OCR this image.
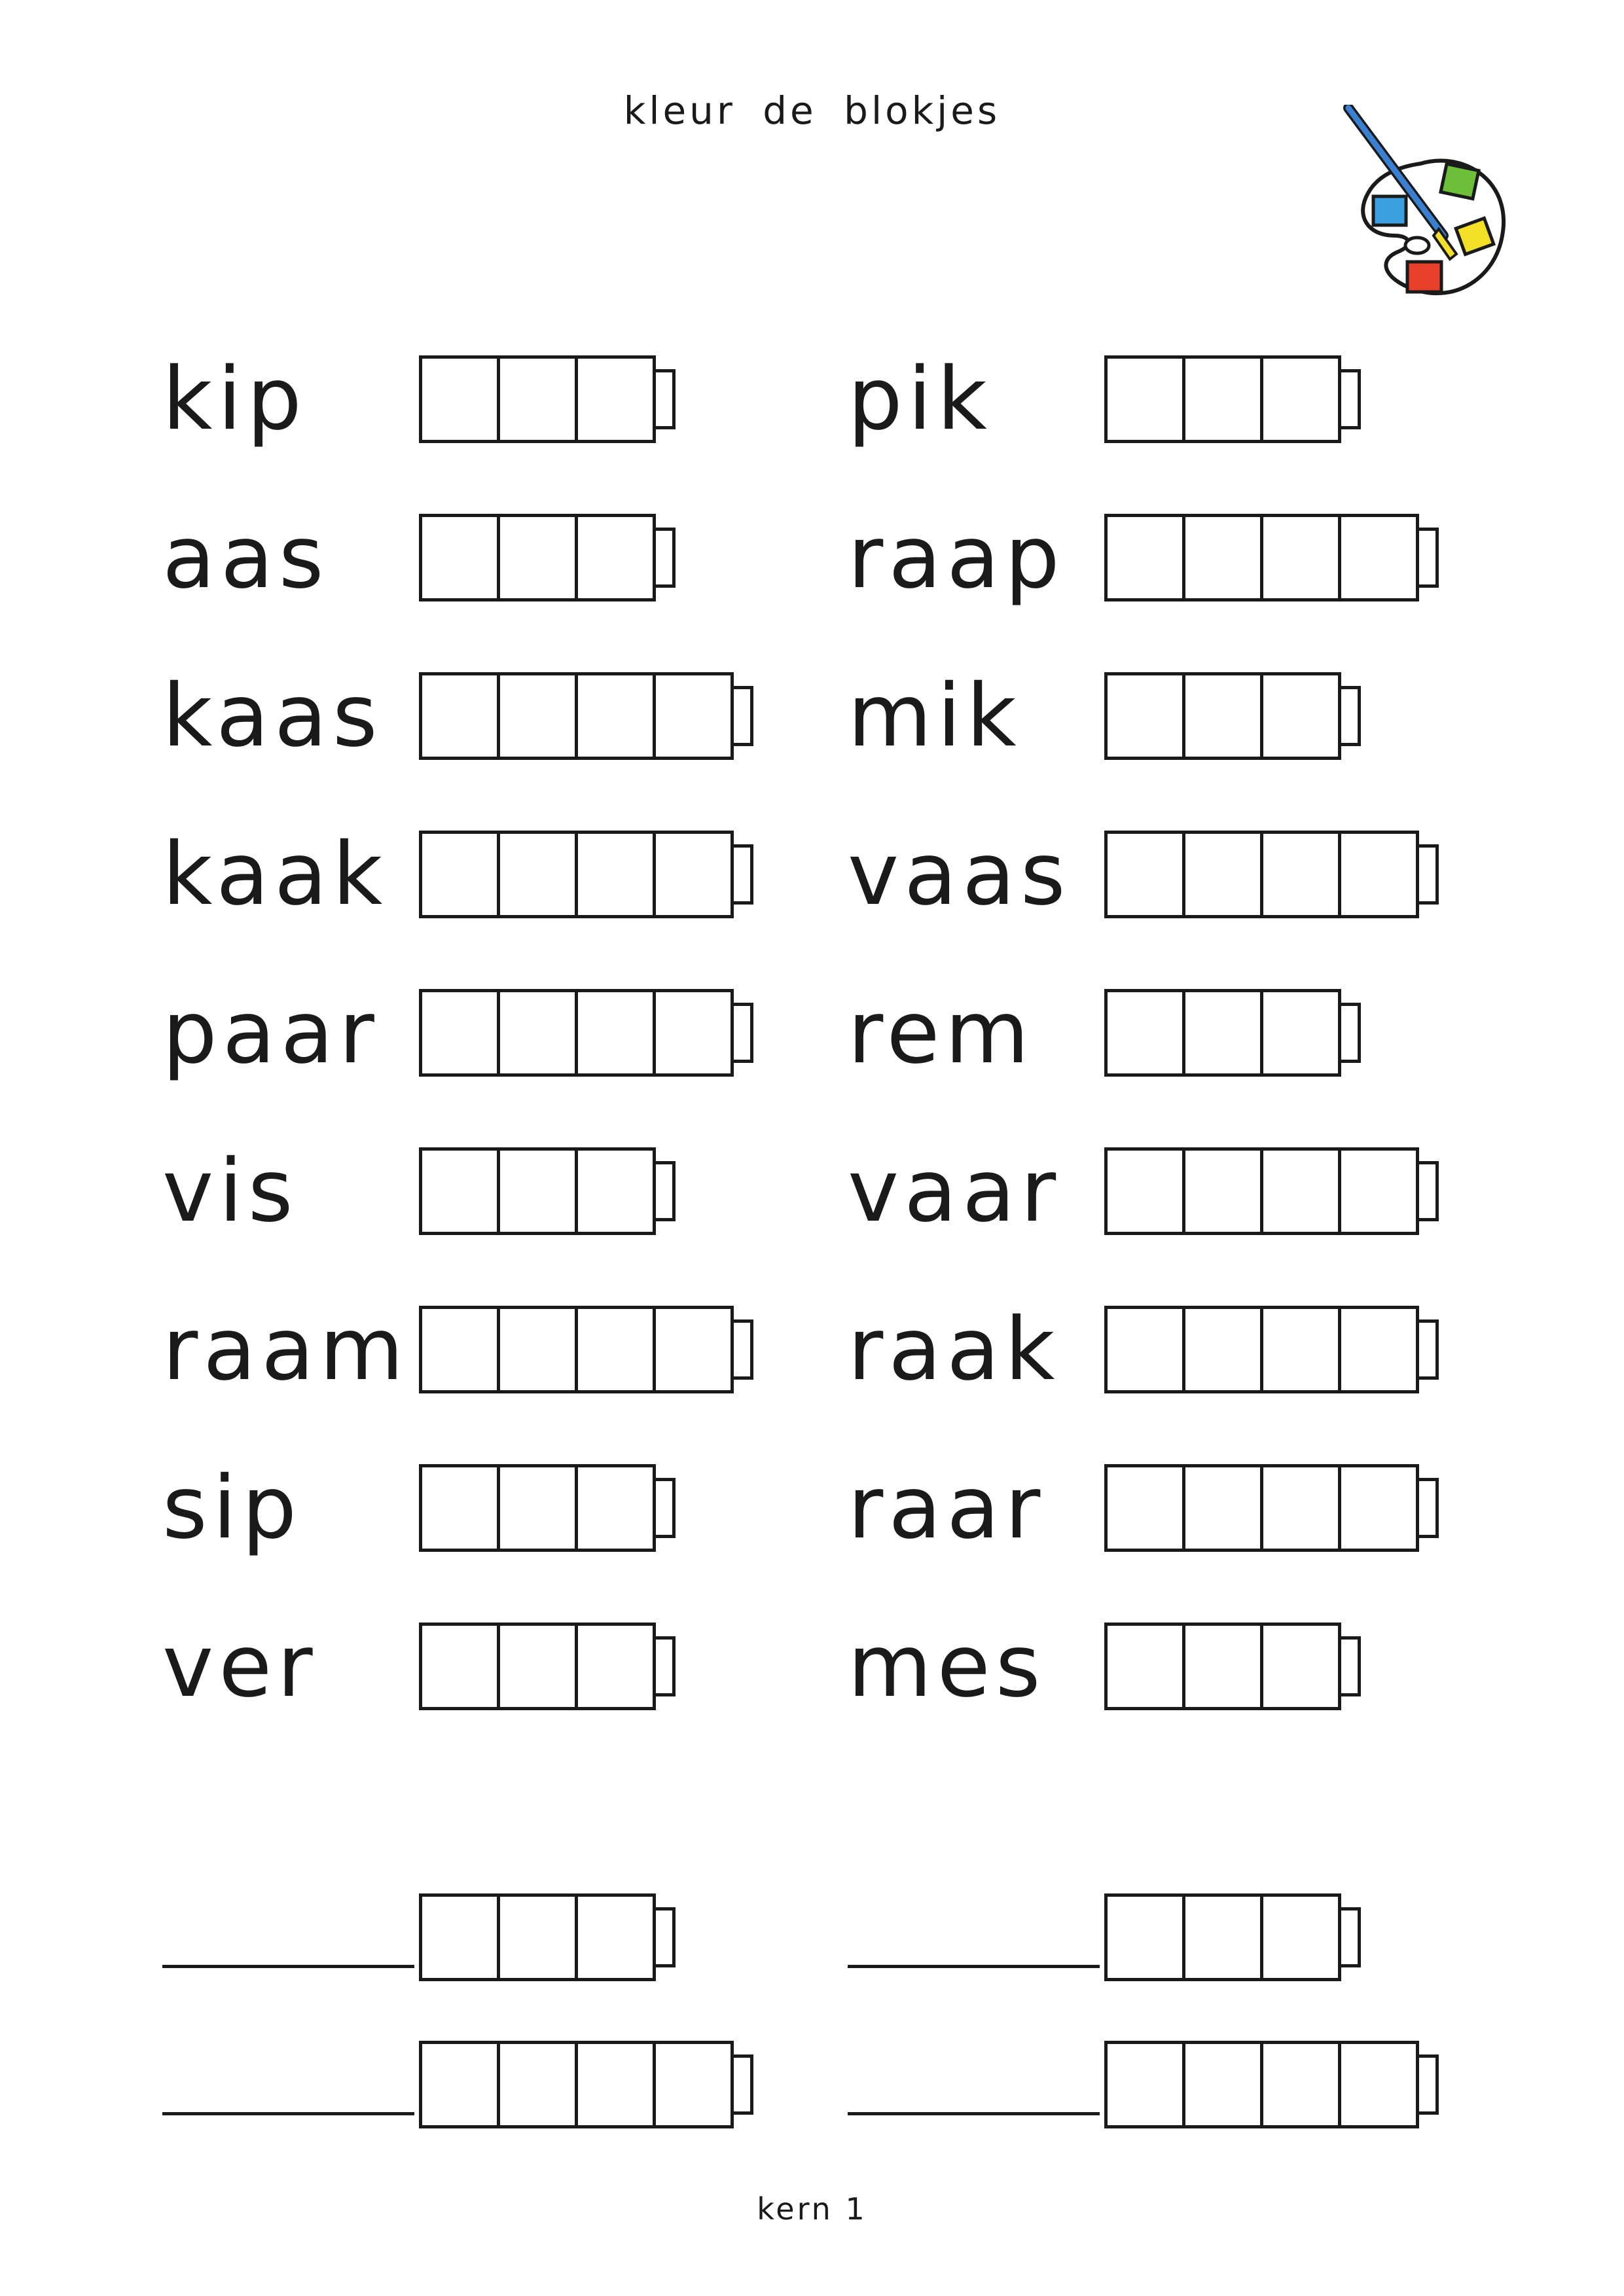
kleur de blokjes
kip
aas
kaas
kaak
paar
vis
raam
sip
ver
pik
raap
mik
vaas
rem
vaar
raak
raar
mes
kern 1
